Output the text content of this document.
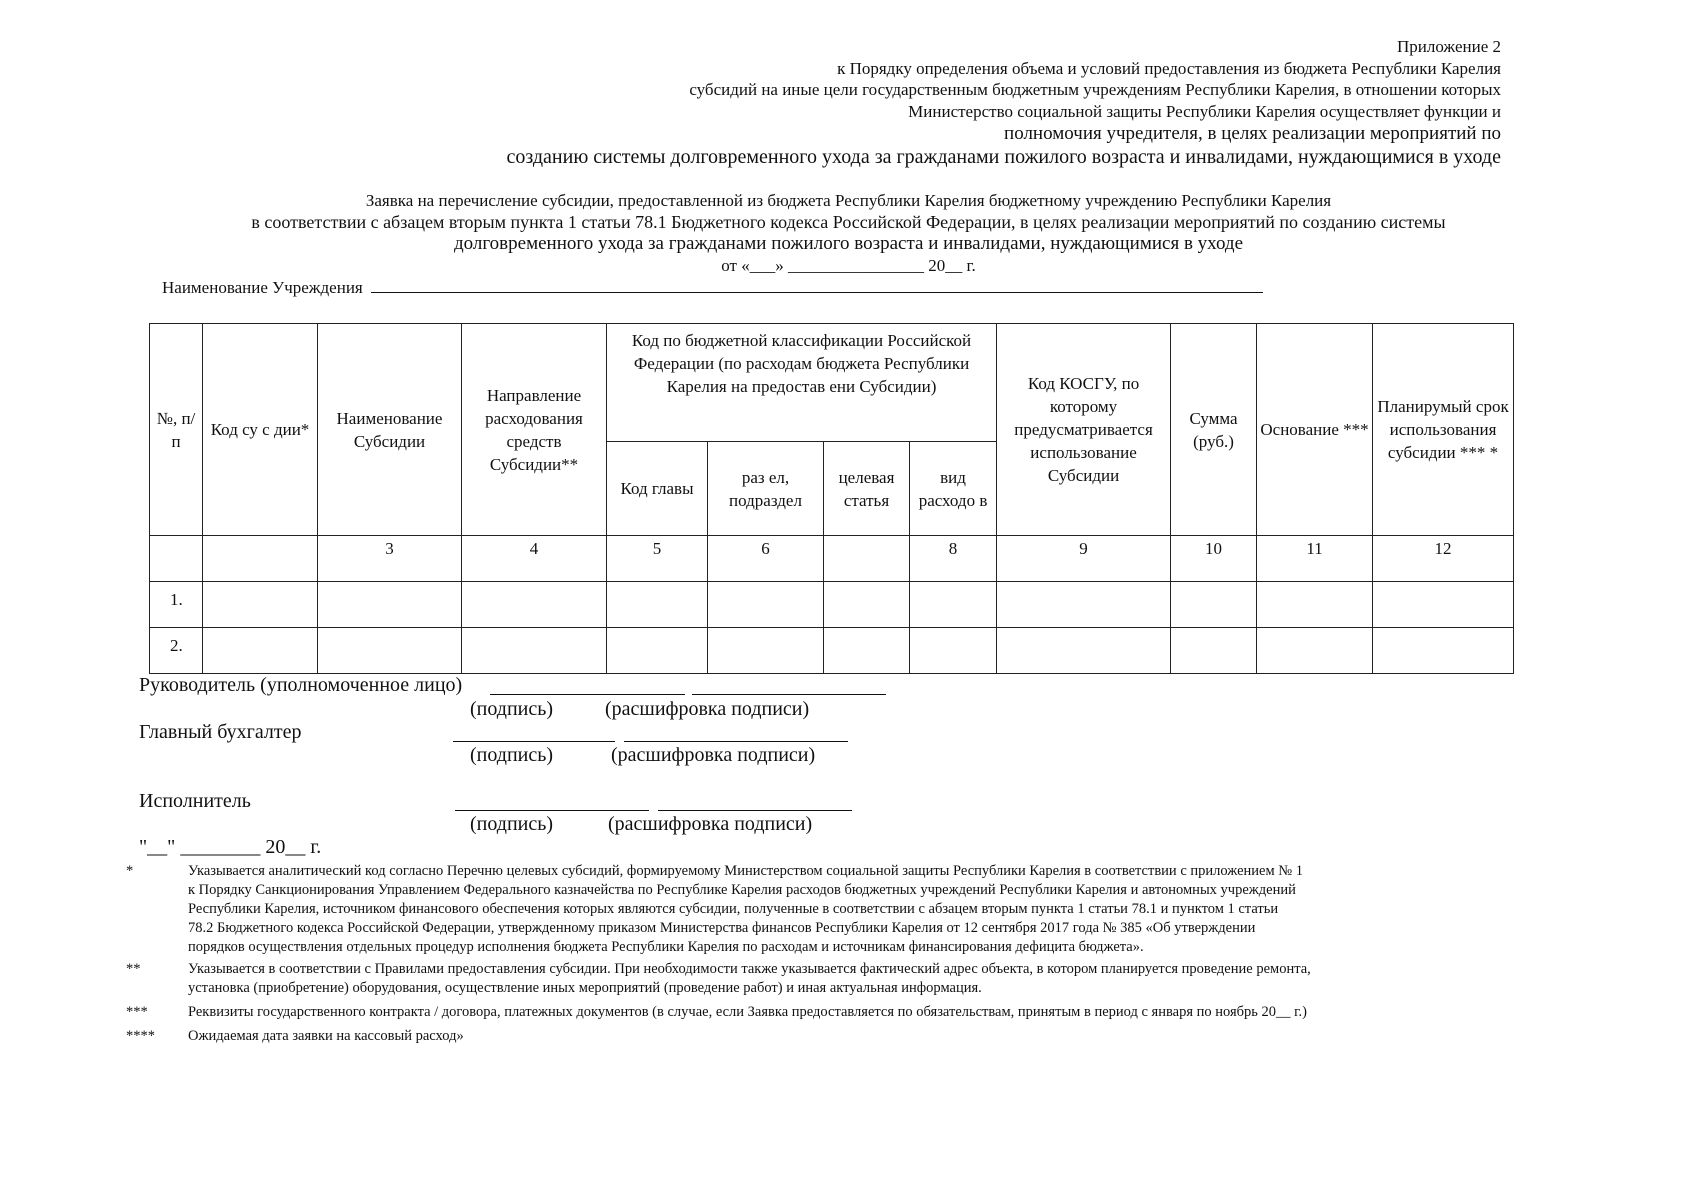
Приложение 2
к Порядку определения объема и условий предоставления из бюджета Республики Карелия
субсидий на иные цели государственным бюджетным учреждениям Республики Карелия, в отношении которых
Министерство социальной защиты Республики Карелия осуществляет функции и
полномочия учредителя, в целях реализации мероприятий по
созданию системы долговременного ухода за гражданами пожилого возраста и инвалидами, нуждающимися в уходе
Заявка на перечисление субсидии, предоставленной из бюджета Республики Карелия бюджетному учреждению Республики Карелия
в соответствии с абзацем вторым пункта 1 статьи 78.1 Бюджетного кодекса Российской Федерации, в целях реализации мероприятий по созданию системы
долговременного ухода за гражданами пожилого возраста и инвалидами, нуждающимися в уходе
от «___» ________________ 20__ г.
Наименование Учреждения
№, п/ п	Код су с дии*	Наименование Субсидии	Направление расходования средств Субсидии**	Код по бюджетной классификации Российской Федерации (по расходам бюджета Республики Карелия на предостав ени Субсидии)				Код КОСГУ, по которому предусматривается использование Субсидии	Сумма (руб.)	Основание ***	Планирумый срок использования субсидии *** *
				Код главы	раз ел, подраздел	целевая статья	вид расходо в				
		3	4	5	6		8	9	10	11	12
1.											
2.											
Руководитель (уполномоченное лицо)
(подпись)	(расшифровка подписи)
Главный бухгалтер
(подпись)	(расшифровка подписи)
Исполнитель
(подпись)	(расшифровка подписи)
"__" ________ 20__ г.
*	Указывается аналитический код согласно Перечню целевых субсидий, формируемому Министерством социальной защиты Республики Карелия в соответствии с приложением № 1
к Порядку Санкционирования Управлением Федерального казначейства по Республике Карелия расходов бюджетных учреждений Республики Карелия и автономных учреждений
Республики Карелия, источником финансового обеспечения которых являются субсидии, полученные в соответствии с абзацем вторым пункта 1 статьи 78.1 и пунктом 1 статьи
78.2 Бюджетного кодекса Российской Федерации, утвержденному приказом Министерства финансов Республики Карелия от 12 сентября 2017 года № 385 «Об утверждении
порядков осуществления отдельных процедур исполнения бюджета Республики Карелия по расходам и источникам финансирования дефицита бюджета».
**	Указывается в соответствии с Правилами предоставления субсидии. При необходимости также указывается фактический адрес объекта, в котором планируется проведение ремонта,
установка (приобретение) оборудования, осуществление иных мероприятий (проведение работ) и иная актуальная информация.
***	Реквизиты государственного контракта / договора, платежных документов (в случае, если Заявка предоставляется по обязательствам, принятым в период с января по ноябрь 20__ г.)
****	Ожидаемая дата заявки на кассовый расход»
